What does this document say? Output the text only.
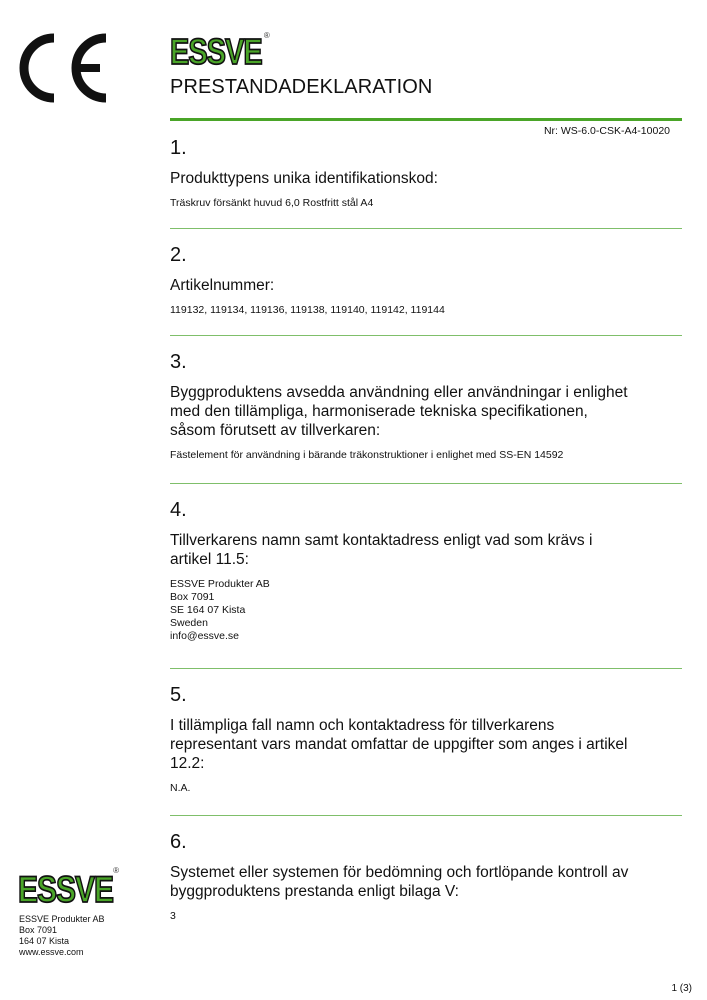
ESSVE ®
PRESTANDADEKLARATION
Nr: WS-6.0-CSK-A4-10020
1.
Produkttypens unika identifikationskod:
Träskruv försänkt huvud 6,0 Rostfritt stål A4
2.
Artikelnummer:
119132, 119134, 119136, 119138, 119140, 119142, 119144
3.
Byggproduktens avsedda användning eller användningar i enlighet
med den tillämpliga, harmoniserade tekniska specifikationen,
såsom förutsett av tillverkaren:
Fästelement för användning i bärande träkonstruktioner i enlighet med SS-EN 14592
4.
Tillverkarens namn samt kontaktadress enligt vad som krävs i
artikel 11.5:
ESSVE Produkter AB
Box 7091
SE 164 07 Kista
Sweden
info@essve.se
5.
I tillämpliga fall namn och kontaktadress för tillverkarens
representant vars mandat omfattar de uppgifter som anges i artikel
12.2:
N.A.
6.
Systemet eller systemen för bedömning och fortlöpande kontroll av
byggproduktens prestanda enligt bilaga V:
3
ESSVE ®
ESSVE Produkter AB
Box 7091
164 07 Kista
www.essve.com
1 (3)
